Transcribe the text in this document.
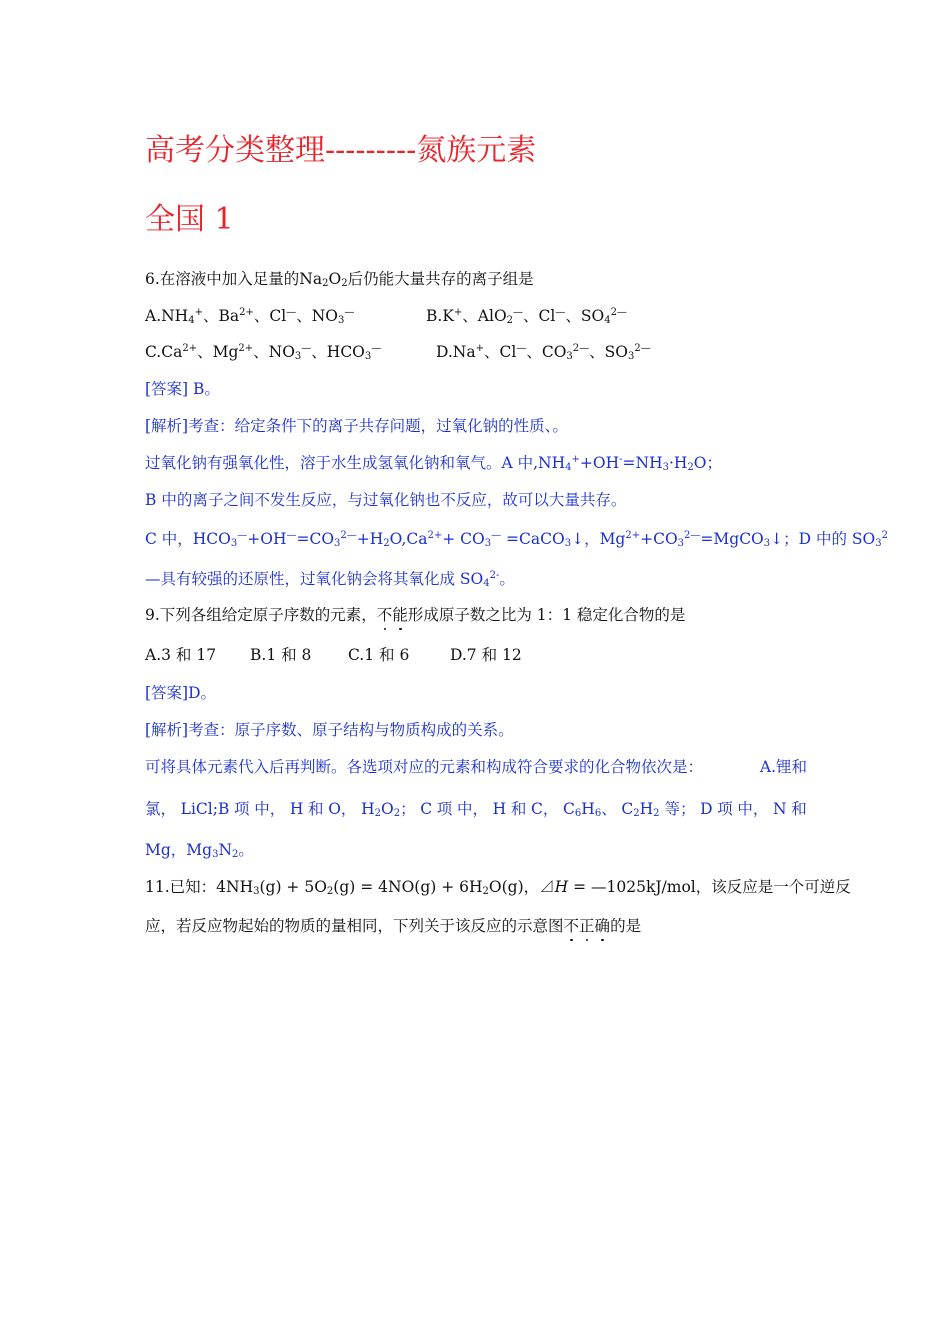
高考分类整理---------氮族元素
全国 1
6.在溶液中加入足量的$Na_2O_2$后仍能大量共存的离子组是
$A.NH_4^+$、$Ba^{2+}$、Cl—、$NO_3^—$	B.K+、AlO$_2$—、Cl—、$SO_4^{2—}$
$C.Ca^{2+}$、$Mg^{2+}$、$NO_3^—$、$HCO_3^—$	D.Na+、Cl—、$CO_3^{2—}$、$SO_3^{2—}$
[答案] B。
[解析]考查：给定条件下的离子共存问题，过氧化钠的性质、。
过氧化钠有强氧化性，溶于水生成氢氧化钠和氧气。A 中$,NH_4^++OH^-=NH_3\cdot H_2O$；
B 中的离子之间不发生反应，与过氧化钠也不反应，故可以大量共存。
C 中，$HCO_3^—+OH^—=CO_3^{2—}+H_2O,Ca^{2+}+ CO_3^—$ =CaCO$_3$↓，$Mg^{2+}+CO_3^{2—}=MgCO_3↓$；D 中的 $SO_3^2$
—具有较强的还原性，过氧化钠会将其氧化成 $SO_4^{2-}$。
9.下列各组给定原子序数的元素，不能形成原子数之比为 1：1 稳定化合物的是
A.3 和 17 B.1 和 8 C.1 和 6	D.7 和 12
[答案]D。
[解析]考查：原子序数、原子结构与物质构成的关系。
可将具体元素代入后再判断。各选项对应的元素和构成符合要求的化合物依次是：	A.锂和
氯， LiCl;B 项 中， H 和 O， $H_2O_2$； C 项 中， H 和 C， $C_6H_6$、 $C_2H_2$ 等； D 项 中， N 和
Mg，$Mg_3N_2$。
11.已知：$4NH_3(g) + 5O_2(g) = 4NO(g) + 6H_2O(g)$，⊿H = —1025kJ/mol，该反应是一个可逆反
应，若反应物起始的物质的量相同，下列关于该反应的示意图不正确的是
